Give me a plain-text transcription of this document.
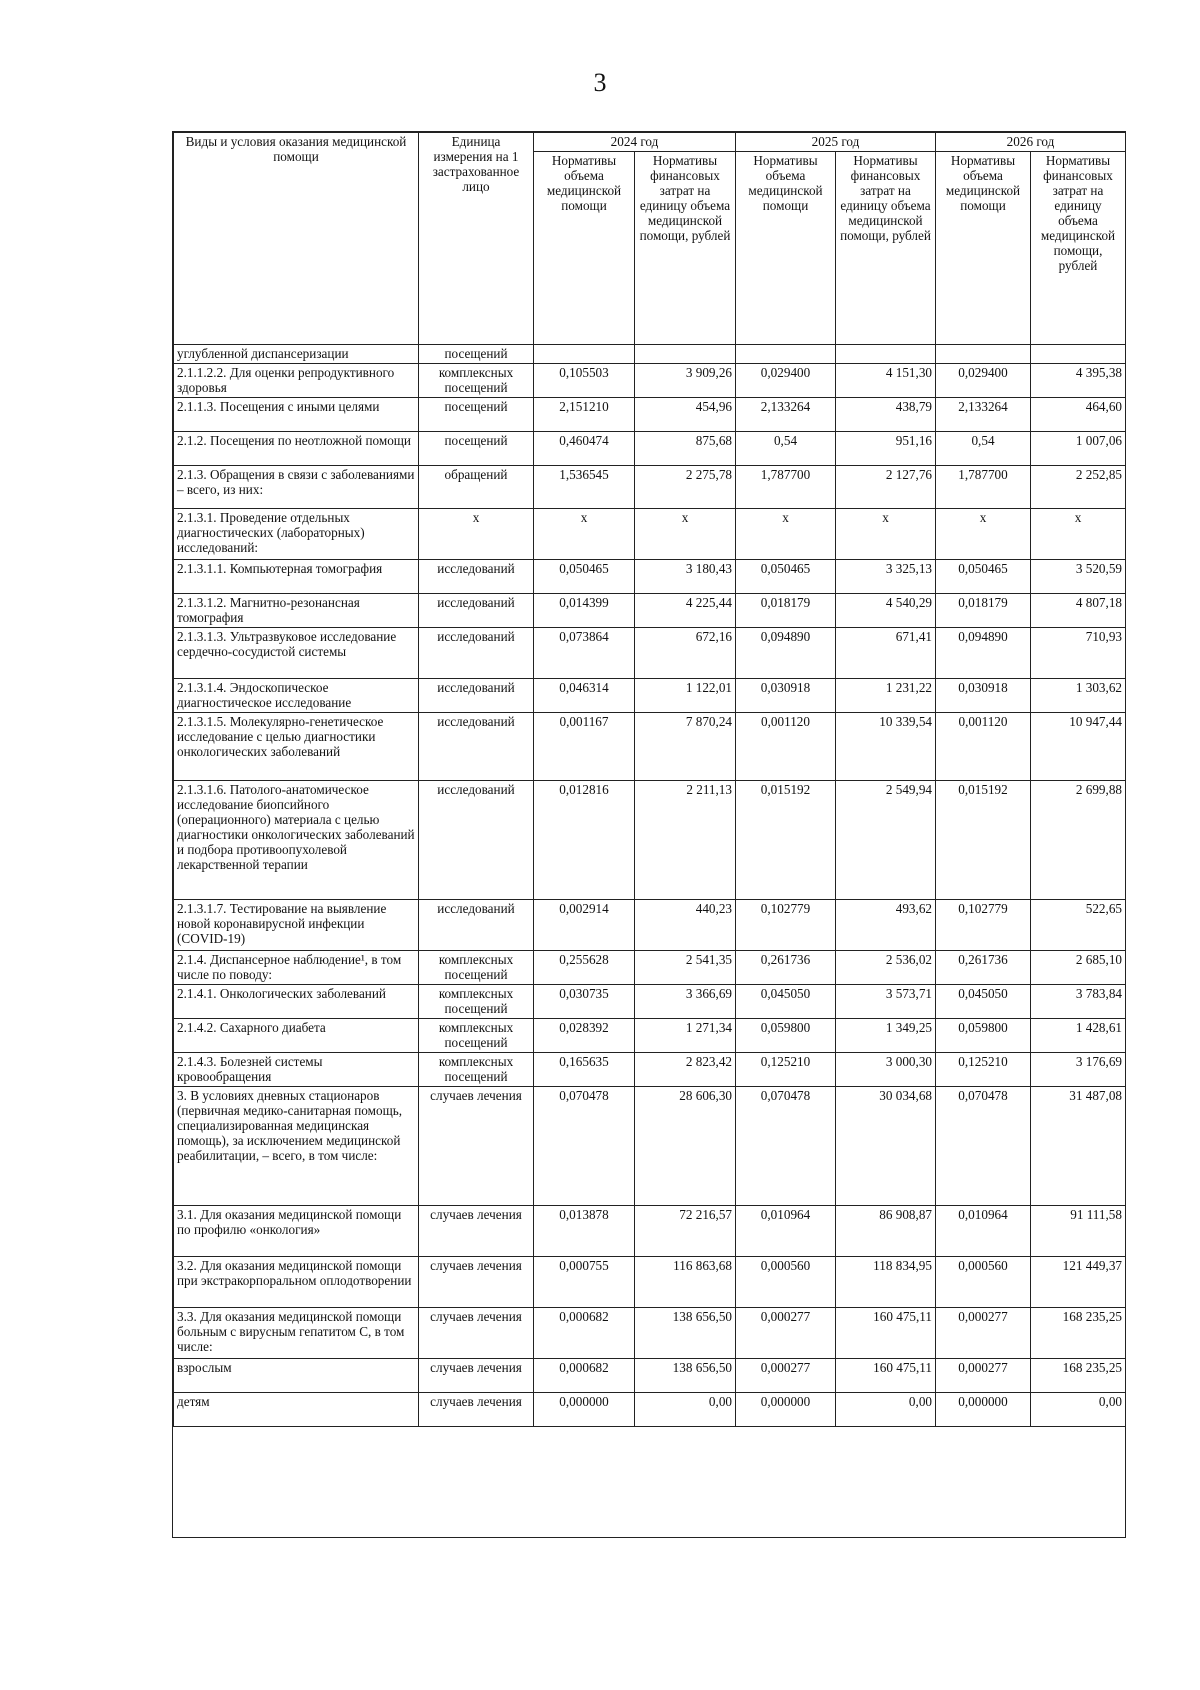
3
Виды и условия оказания медицинской помощи	Единица измерения на 1 застрахованное лицо	2024 год		2025 год		2026 год	
		Нормативы объема медицинской помощи	Нормативы финансовых затрат на единицу объема медицинской помощи, рублей	Нормативы объема медицинской помощи	Нормативы финансовых затрат на единицу объема медицинской помощи, рублей	Нормативы объема медицинской помощи	Нормативы финансовых затрат на единицу объема медицинской помощи, рублей
углубленной диспансеризации	посещений						
2.1.1.2.2. Для оценки репродуктивного здоровья	комплексных посещений	0,105503	3 909,26	0,029400	4 151,30	0,029400	4 395,38
2.1.1.3. Посещения с иными целями	посещений	2,151210	454,96	2,133264	438,79	2,133264	464,60
2.1.2. Посещения по неотложной помощи	посещений	0,460474	875,68	0,54	951,16	0,54	1 007,06
2.1.3. Обращения в связи с заболеваниями – всего, из них:	обращений	1,536545	2 275,78	1,787700	2 127,76	1,787700	2 252,85
2.1.3.1. Проведение отдельных диагностических (лабораторных) исследований:	х	х	х	х	х	х	х
2.1.3.1.1. Компьютерная томография	исследований	0,050465	3 180,43	0,050465	3 325,13	0,050465	3 520,59
2.1.3.1.2. Магнитно-резонансная томография	исследований	0,014399	4 225,44	0,018179	4 540,29	0,018179	4 807,18
2.1.3.1.3. Ультразвуковое исследование сердечно-сосудистой системы	исследований	0,073864	672,16	0,094890	671,41	0,094890	710,93
2.1.3.1.4. Эндоскопическое диагностическое исследование	исследований	0,046314	1 122,01	0,030918	1 231,22	0,030918	1 303,62
2.1.3.1.5. Молекулярно-генетическое исследование с целью диагностики онкологических заболеваний	исследований	0,001167	7 870,24	0,001120	10 339,54	0,001120	10 947,44
2.1.3.1.6. Патолого-анатомическое исследование биопсийного (операционного) материала с целью диагностики онкологических заболеваний и подбора противоопухолевой лекарственной терапии	исследований	0,012816	2 211,13	0,015192	2 549,94	0,015192	2 699,88
2.1.3.1.7. Тестирование на выявление новой коронавирусной инфекции (COVID-19)	исследований	0,002914	440,23	0,102779	493,62	0,102779	522,65
2.1.4. Диспансерное наблюдение¹, в том числе по поводу:	комплексных посещений	0,255628	2 541,35	0,261736	2 536,02	0,261736	2 685,10
2.1.4.1. Онкологических заболеваний	комплексных посещений	0,030735	3 366,69	0,045050	3 573,71	0,045050	3 783,84
2.1.4.2. Сахарного диабета	комплексных посещений	0,028392	1 271,34	0,059800	1 349,25	0,059800	1 428,61
2.1.4.3. Болезней системы кровообращения	комплексных посещений	0,165635	2 823,42	0,125210	3 000,30	0,125210	3 176,69
3. В условиях дневных стационаров (первичная медико-санитарная помощь, специализированная медицинская помощь), за исключением медицинской реабилитации, – всего, в том числе:	случаев лечения	0,070478	28 606,30	0,070478	30 034,68	0,070478	31 487,08
3.1. Для оказания медицинской помощи по профилю «онкология»	случаев лечения	0,013878	72 216,57	0,010964	86 908,87	0,010964	91 111,58
3.2. Для оказания медицинской помощи при экстракорпоральном оплодотворении	случаев лечения	0,000755	116 863,68	0,000560	118 834,95	0,000560	121 449,37
3.3. Для оказания медицинской помощи больным с вирусным гепатитом С, в том числе:	случаев лечения	0,000682	138 656,50	0,000277	160 475,11	0,000277	168 235,25
взрослым	случаев лечения	0,000682	138 656,50	0,000277	160 475,11	0,000277	168 235,25
детям	случаев лечения	0,000000	0,00	0,000000	0,00	0,000000	0,00
